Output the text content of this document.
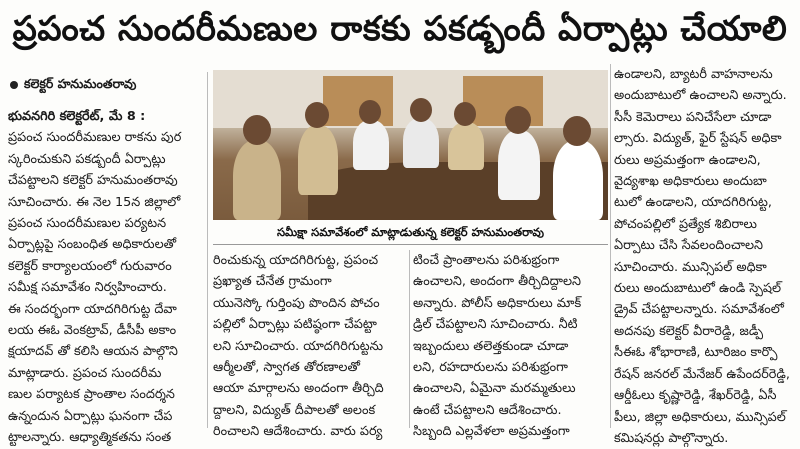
ప్రపంచ సుందరీమణుల రాకకు పకడ్బందీ ఏర్పాట్లు చేయాలి
కలెక్టర్ హనుమంతరావు
భువనగిరి కలెక్టరేట్, మే 8 :
ప్రపంచ సుందరీమణుల రాకను పుర
స్కరించుకుని పకడ్బందీ ఏర్పాట్లు
చేపట్టాలని కలెక్టర్ హనుమంతరావు
సూచించారు. ఈ నెల 15న జిల్లాలో
ప్రపంచ సుందరీమణుల పర్యటన
ఏర్పాట్లపై సంబంధిత అధికారులతో
కలెక్టర్ కార్యాలయంలో గురువారం
సమీక్ష సమావేశం నిర్వహించారు.
ఈ సందర్భంగా యాదగిరిగుట్ట దేవా
లయ ఈఓ వెంకట్రావ్, డీసీపీ అకాం
క్షయాదవ్ తో కలిసి ఆయన పాల్గొని
మాట్లాడారు. ప్రపంచ సుందరీమ
ణుల పర్యాటక ప్రాంతాల సందర్శన
ఉన్నందున ఏర్పాట్లు ఘనంగా చేప
ట్టాలన్నారు. ఆధ్యాత్మికతను సంత
సమీక్షా సమావేశంలో మాట్లాడుతున్న కలెక్టర్ హనుమంతరావు
రించుకున్న యాదగిరిగుట్ట, ప్రపంచ
ప్రఖ్యాత చేనేత గ్రామంగా
యునెస్కో గుర్తింపు పొందిన పోచం
పల్లిలో ఏర్పాట్లు పటిష్ఠంగా చేపట్టా
లని సూచించారు. యాదగిరిగుట్టను
ఆర్మీలతో, స్వాగత తోరణాలతో
ఆయా మార్గాలను అందంగా తీర్చిది
ద్దాలని, విద్యుత్ దీపాలతో అలంక
రించాలని ఆదేశించారు. వారు పర్య
టించే ప్రాంతాలను పరిశుభ్రంగా
ఉంచాలని, అందంగా తీర్చిదిద్దాలని
అన్నారు. పోలీస్ అధికారులు మాక్
డ్రిల్ చేపట్టాలని సూచించారు. నీటి
ఇబ్బందులు తలెత్తకుండా చూడా
లని, రహదారులను పరిశుభ్రంగా
ఉంచాలని, ఏమైనా మరమ్మతులు
ఉంటే చేపట్టాలని ఆదేశించారు.
సిబ్బంది ఎల్లవేళలా అప్రమత్తంగా
ఉండాలని, బ్యాటరీ వాహనాలను
అందుబాటులో ఉంచాలని అన్నారు.
సీసీ కెమెరాలు పనిచేసేలా చూడా
ల్సారు. విద్యుత్, ఫైర్ స్టేషన్ అధికా
రులు అప్రమత్తంగా ఉండాలని,
వైద్యశాఖ అధికారులు అందుబా
టులో ఉండాలని, యాదగిరిగుట్ట,
పోచంపల్లిలో ప్రత్యేక శిబిరాలు
ఏర్పాటు చేసి సేవలందించాలని
సూచించారు. మున్సిపల్ అధికా
రులు అందుబాటులో ఉండి స్పెషల్
డ్రైవ్ చేపట్టాలన్నారు. సమావేశంలో
అదనపు కలెక్టర్ వీరారెడ్డి, జడ్పీ
సీఈఓ శోభారాణి, టూరిజం కార్పొ
రేషన్ జనరల్ మేనేజర్ ఉపేందర్‌రెడ్డి,
ఆర్డీఓలు కృష్ణారెడ్డి, శేఖర్‌రెడ్డి, ఏసీ
పీలు, జిల్లా అధికారులు, మున్సిపల్
కమిషనర్లు పాల్గొన్నారు.
